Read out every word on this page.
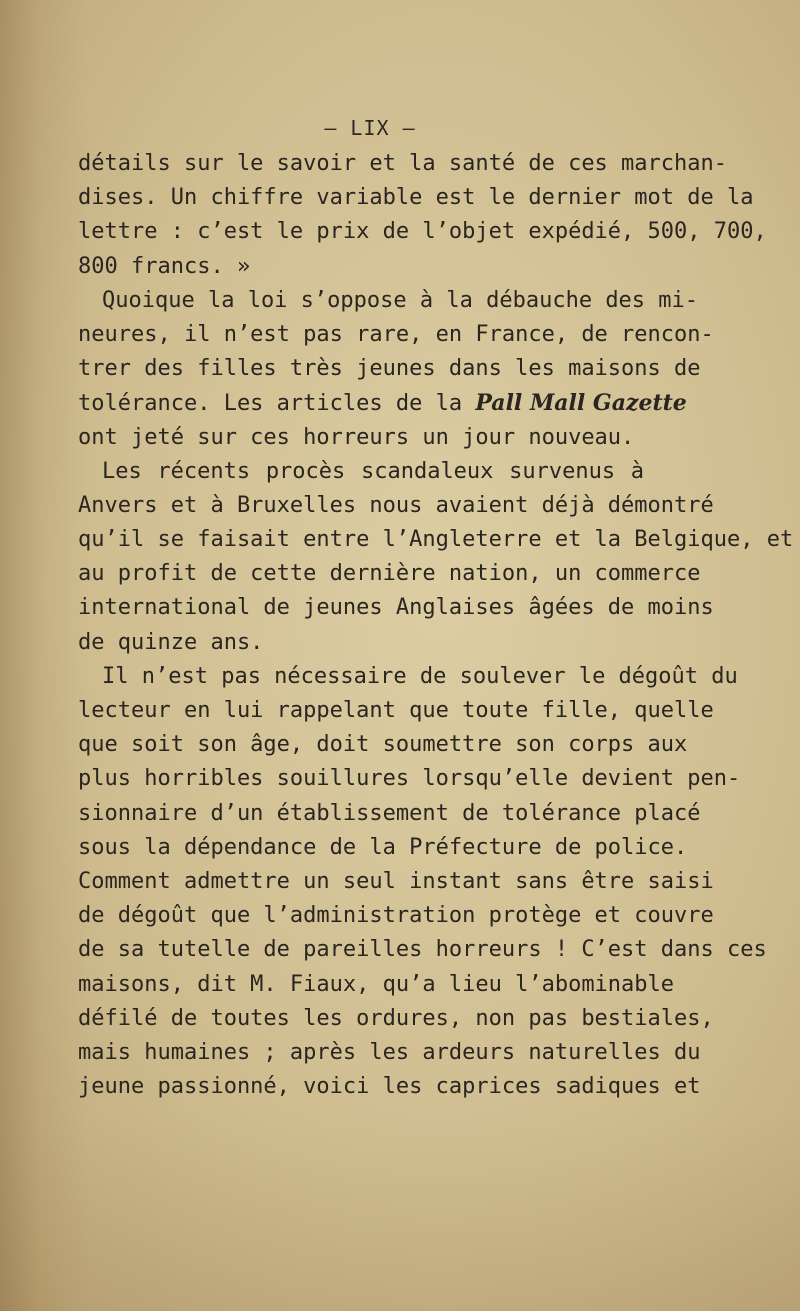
— LIX —
détails sur le savoir et la santé de ces marchan-
dises. Un chiffre variable est le dernier mot de la
lettre : c’est le prix de l’objet expédié, 500, 700,
800 francs. »
Quoique la loi s’oppose à la débauche des mi-
neures, il n’est pas rare, en France, de rencon-
trer des filles très jeunes dans les maisons de
tolérance. Les articles de la Pall Mall Gazette
ont jeté sur ces horreurs un jour nouveau.
Les récents procès scandaleux survenus à
Anvers et à Bruxelles nous avaient déjà démontré
qu’il se faisait entre l’Angleterre et la Belgique, et
au profit de cette dernière nation, un commerce
international de jeunes Anglaises âgées de moins
de quinze ans.
Il n’est pas nécessaire de soulever le dégoût du
lecteur en lui rappelant que toute fille, quelle
que soit son âge, doit soumettre son corps aux
plus horribles souillures lorsqu’elle devient pen-
sionnaire d’un établissement de tolérance placé
sous la dépendance de la Préfecture de police.
Comment admettre un seul instant sans être saisi
de dégoût que l’administration protège et couvre
de sa tutelle de pareilles horreurs ! C’est dans ces
maisons, dit M. Fiaux, qu’a lieu l’abominable
défilé de toutes les ordures, non pas bestiales,
mais humaines ; après les ardeurs naturelles du
jeune passionné, voici les caprices sadiques et
